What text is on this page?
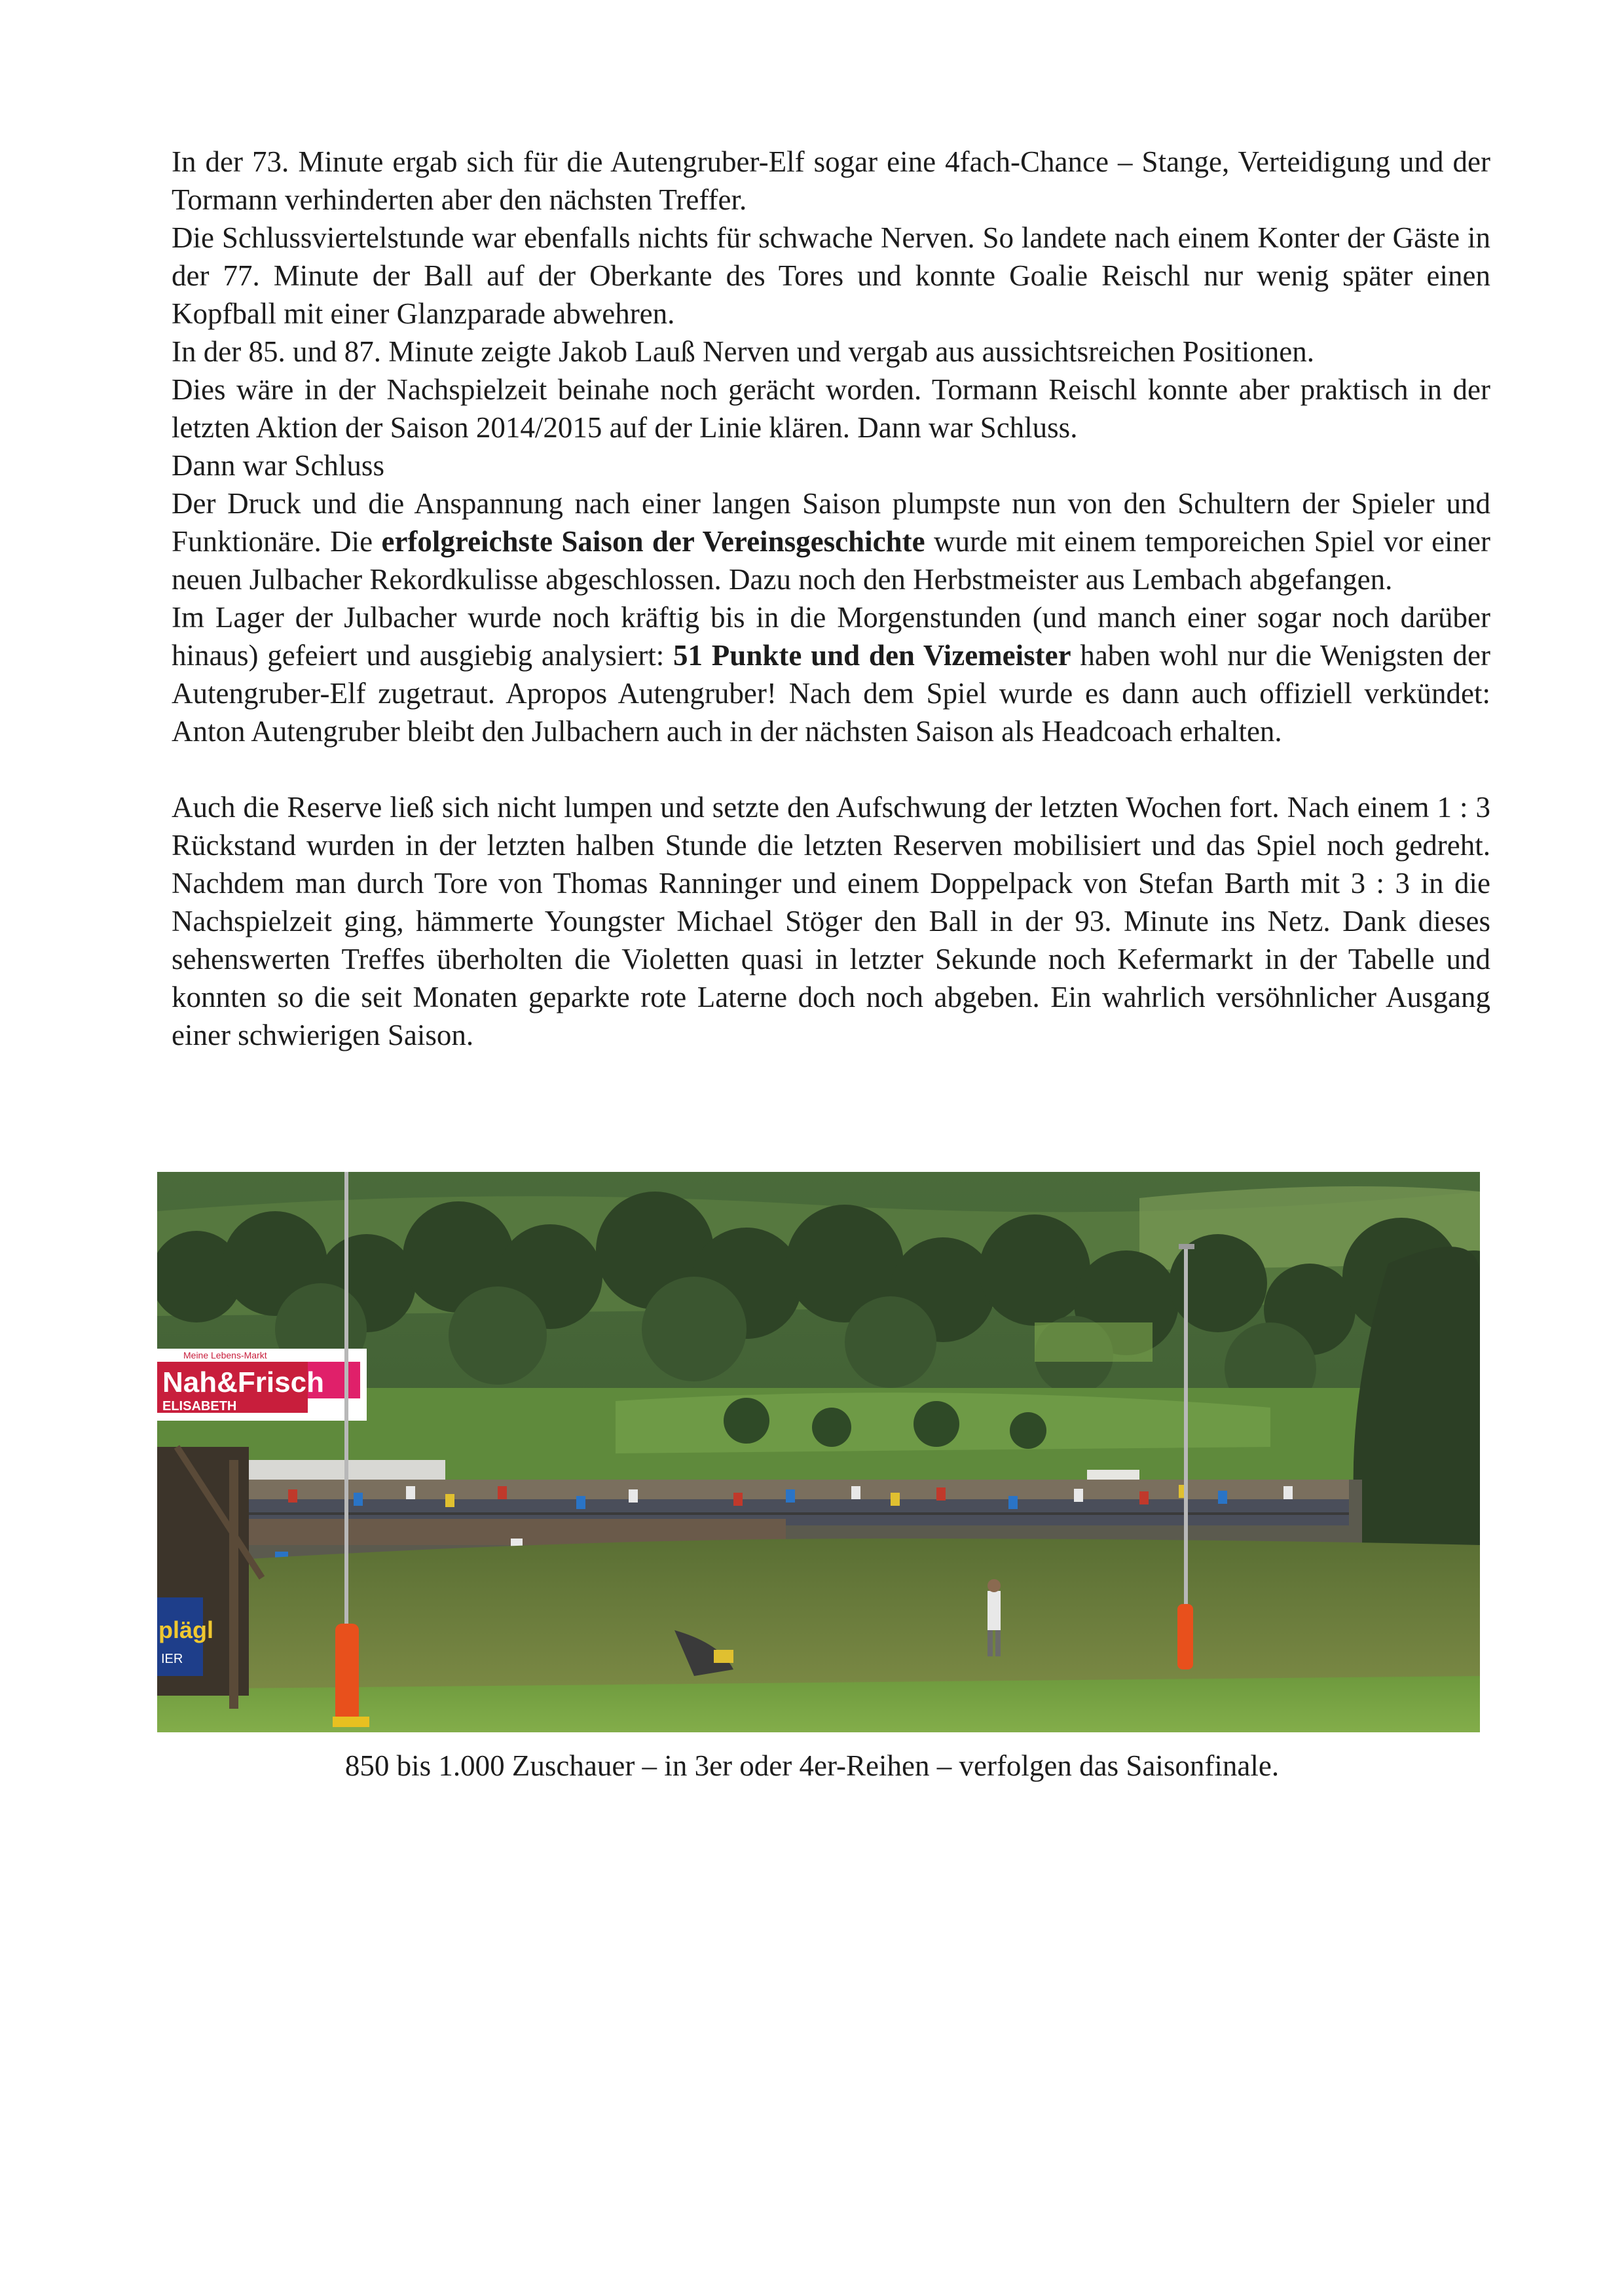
In der 73. Minute ergab sich für die Autengruber-Elf sogar eine 4fach-Chance – Stange, Verteidigung und der Tormann verhinderten aber den nächsten Treffer.

Die Schlussviertelstunde war ebenfalls nichts für schwache Nerven. So landete nach einem Konter der Gäste in der 77. Minute der Ball auf der Oberkante des Tores und konnte Goalie Reischl nur wenig später einen Kopfball mit einer Glanzparade abwehren.

In der 85. und 87. Minute zeigte Jakob Lauß Nerven und vergab aus aussichtsreichen Positionen.

Dies wäre in der Nachspielzeit beinahe noch gerächt worden. Tormann Reischl konnte aber praktisch in der letzten Aktion der Saison 2014/2015 auf der Linie klären. Dann war Schluss.

Dann war Schluss

Der Druck und die Anspannung nach einer langen Saison plumpste nun von den Schultern der Spieler und Funktionäre. Die erfolgreichste Saison der Vereinsgeschichte wurde mit einem temporeichen Spiel vor einer neuen Julbacher Rekordkulisse abgeschlossen. Dazu noch den Herbstmeister aus Lembach abgefangen.

Im Lager der Julbacher wurde noch kräftig bis in die Morgenstunden (und manch einer sogar noch darüber hinaus) gefeiert und ausgiebig analysiert: 51 Punkte und den Vizemeister haben wohl nur die Wenigsten der Autengruber-Elf zugetraut. Apropos Autengruber! Nach dem Spiel wurde es dann auch offiziell verkündet: Anton Autengruber bleibt den Julbachern auch in der nächsten Saison als Headcoach erhalten.

Auch die Reserve ließ sich nicht lumpen und setzte den Aufschwung der letzten Wochen fort. Nach einem 1 : 3 Rückstand wurden in der letzten halben Stunde die letzten Reserven mobilisiert und das Spiel noch gedreht. Nachdem man durch Tore von Thomas Ranninger und einem Doppelpack von Stefan Barth mit 3 : 3 in die Nachspielzeit ging, hämmerte Youngster Michael Stöger den Ball in der 93. Minute ins Netz. Dank dieses sehenswerten Treffes überholten die Violetten quasi in letzter Sekunde noch Kefermarkt in der Tabelle und konnten so die seit Monaten geparkte rote Laterne doch noch abgeben. Ein wahrlich versöhnlicher Ausgang einer schwierigen Saison.

Meine Lebens-Markt
Nah&Frisch
ELISABETH
plägl
IER
850 bis 1.000 Zuschauer – in 3er oder 4er-Reihen – verfolgen das Saisonfinale.
